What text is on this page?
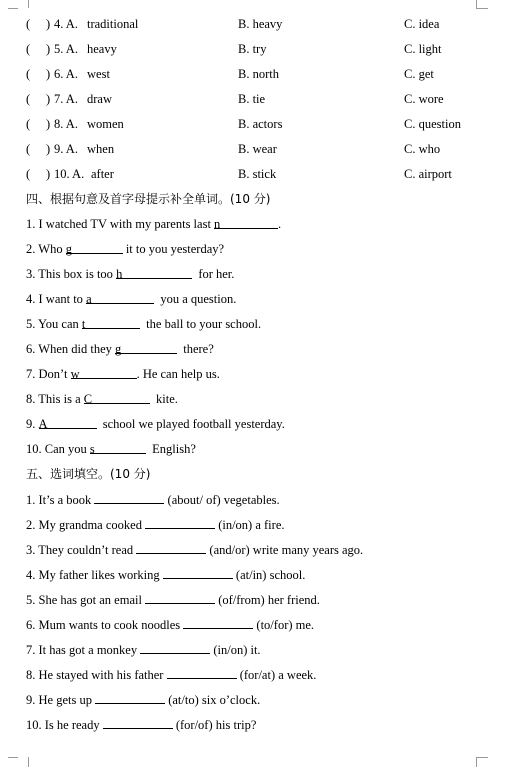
( ) 4. A. traditional	B. heavy	C. idea
( ) 5. A. heavy	B. try	C. light
( ) 6. A. west	B. north	C. get
( ) 7. A. draw	B. tie	C. wore
( ) 8. A. women	B. actors	C. question
( ) 9. A. when	B. wear	C. who
( ) 10. A. after	B. stick	C. airport
四、根据句意及首字母提示补全单词。(10 分)
1. I watched TV with my parents last n	.
2. Who g	it to you yesterday?
3. This box is too h	for her.
4. I want to a	you a question.
5. You can t	the ball to your school.
6. When did they g	there?
7. Don’t w	. He can help us.
8. This is a C	kite.
9. A	school we played football yesterday.
10. Can you s	English?
五、选词填空。(10 分)
1. It’s a book	(about/ of) vegetables.
2. My grandma cooked	(in/on) a fire.
3. They couldn’t read	(and/or) write many years ago.
4. My father likes working	(at/in) school.
5. She has got an email	(of/from) her friend.
6. Mum wants to cook noodles	(to/for) me.
7. It has got a monkey	(in/on) it.
8. He stayed with his father	(for/at) a week.
9. He gets up	(at/to) six o’clock.
10. Is he ready	(for/of) his trip?
